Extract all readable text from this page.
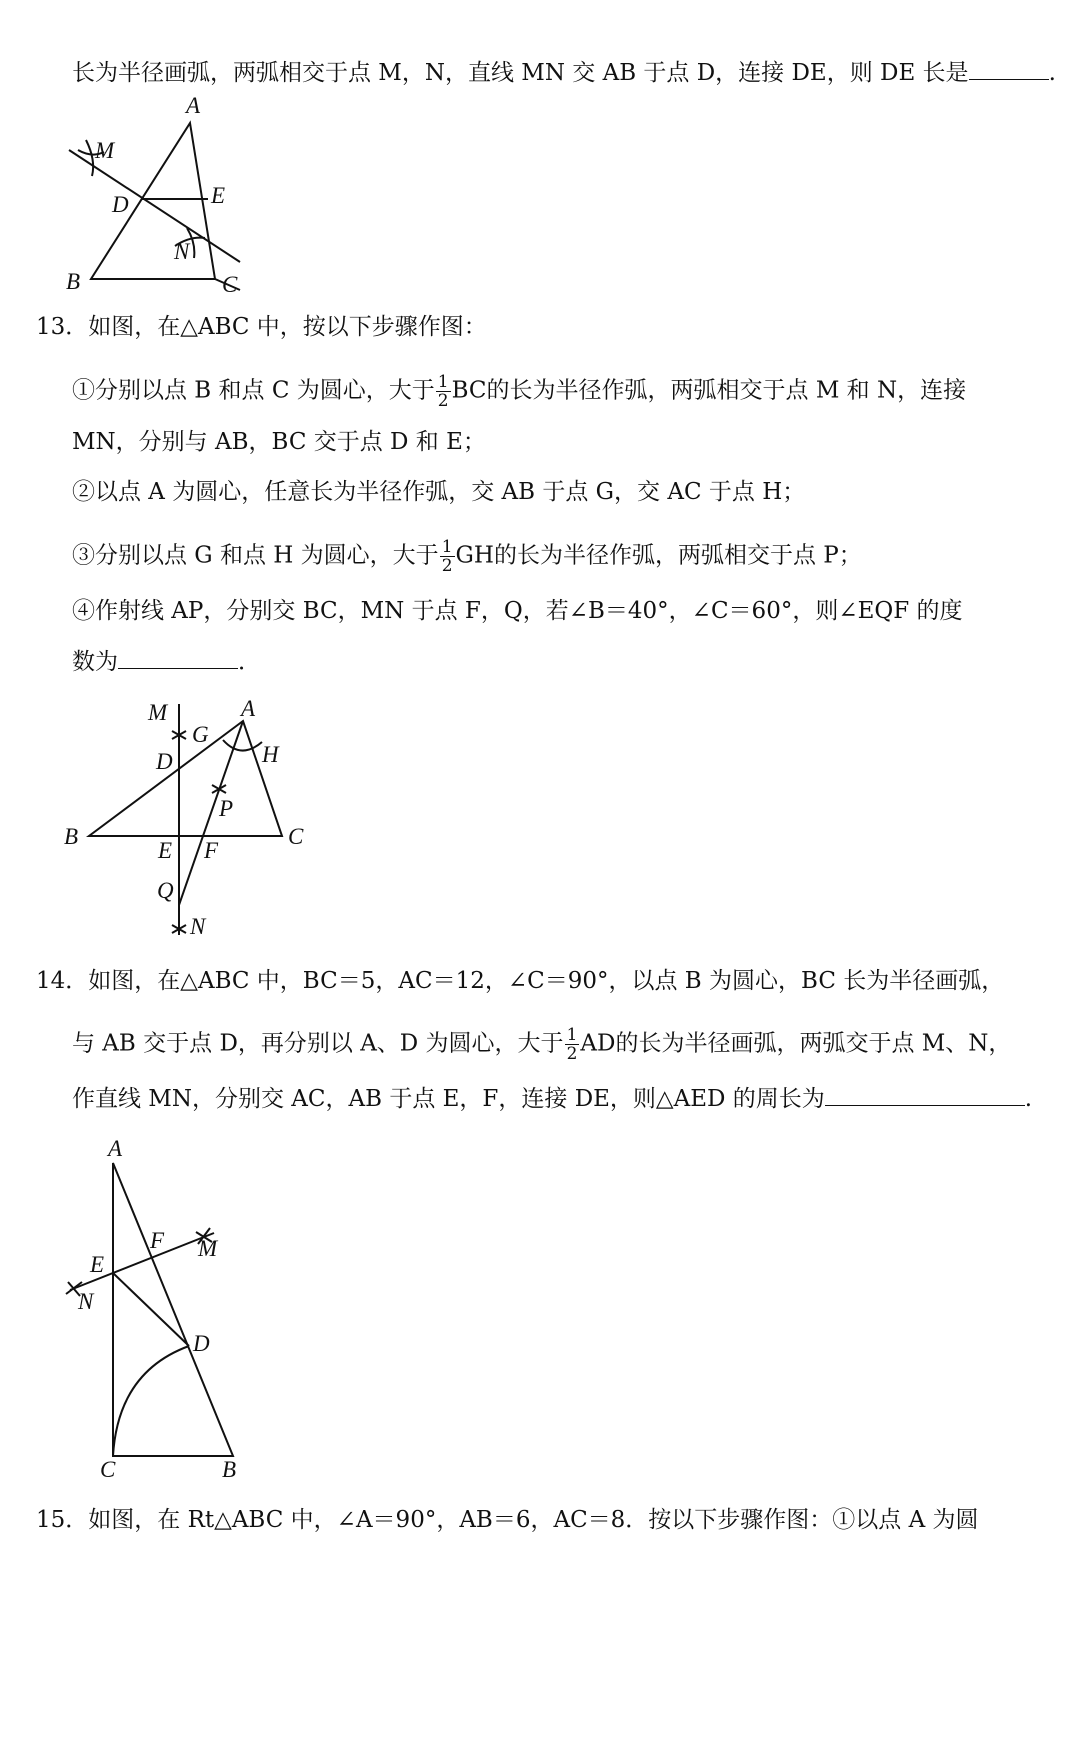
长为半径画弧，两弧相交于点 M，N，直线 MN 交 AB 于点 D，连接 DE，则 DE 长是	.
A
M
D	E
N
B	C
13．如图，在△ABC 中，按以下步骤作图：
①分别以点 B 和点 C 为圆心，大于 $\frac{1}{2}$ BC的长为半径作弧，两弧相交于点 M 和 N，连接
MN，分别与 AB，BC 交于点 D 和 E；
②以点 A 为圆心，任意长为半径作弧，交 AB 于点 G，交 AC 于点 H；
③分别以点 G 和点 H 为圆心，大于 $\frac{1}{2}$ GH的长为半径作弧，两弧相交于点 P；
④作射线 AP，分别交 BC，MN 于点 F，Q，若∠B＝40°，∠C＝60°，则∠EQF 的度
数为	．
M	A
G
D	H
P
B	C
E F
Q
N
14．如图，在△ABC 中，BC＝5，AC＝12，∠C＝90°，以点 B 为圆心，BC 长为半径画弧，
与 AB 交于点 D，再分别以 A、D 为圆心，大于 $\frac{1}{2}$ AD的长为半径画弧，两弧交于点 M、N，
作直线 MN，分别交 AC，AB 于点 E，F，连接 DE，则△AED 的周长为	.
A
F M
E
N
D
C	B
15．如图，在 Rt△ABC 中，∠A＝90°，AB＝6，AC＝8．按以下步骤作图：①以点 A 为圆
